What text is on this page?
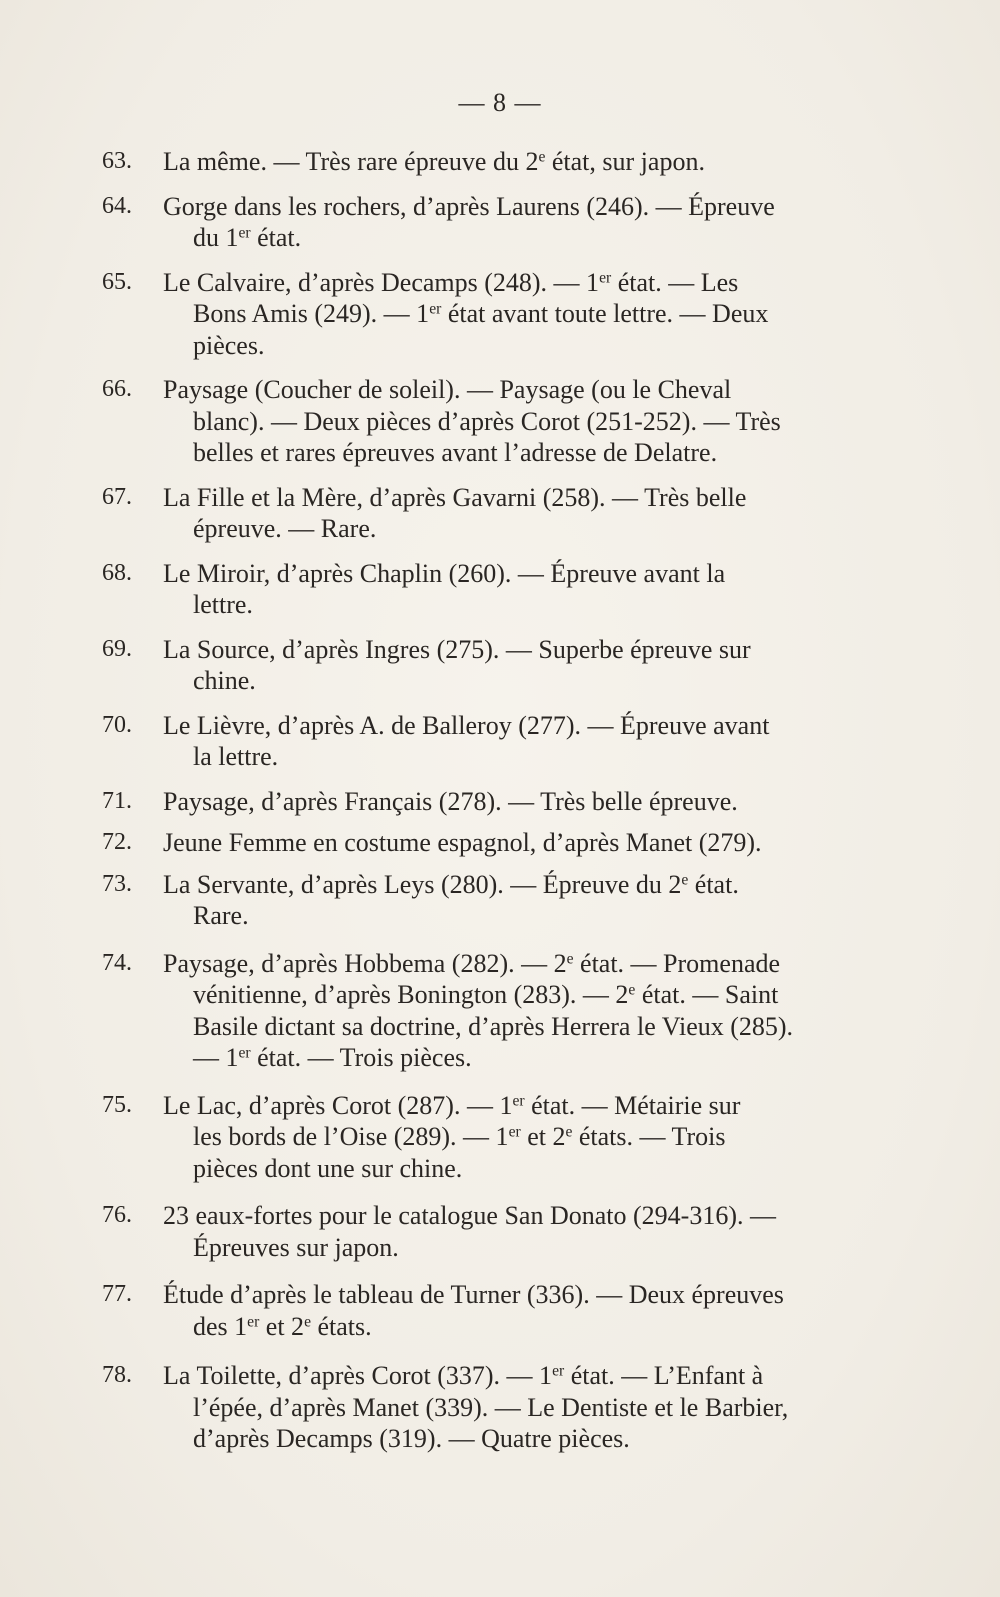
— 8 —
63. La même. — Très rare épreuve du 2e état, sur japon.
64. Gorge dans les rochers, d’après Laurens (246). — Épreuve
du 1er état.
65. Le Calvaire, d’après Decamps (248). — 1er état. — Les
Bons Amis (249). — 1er état avant toute lettre. — Deux
pièces.
66. Paysage (Coucher de soleil). — Paysage (ou le Cheval
blanc). — Deux pièces d’après Corot (251-252). — Très
belles et rares épreuves avant l’adresse de Delatre.
67. La Fille et la Mère, d’après Gavarni (258). — Très belle
épreuve. — Rare.
68. Le Miroir, d’après Chaplin (260). — Épreuve avant la
lettre.
69. La Source, d’après Ingres (275). — Superbe épreuve sur
chine.
70. Le Lièvre, d’après A. de Balleroy (277). — Épreuve avant
la lettre.
71. Paysage, d’après Français (278). — Très belle épreuve.
72. Jeune Femme en costume espagnol, d’après Manet (279).
73. La Servante, d’après Leys (280). — Épreuve du 2e état.
Rare.
74. Paysage, d’après Hobbema (282). — 2e état. — Promenade
vénitienne, d’après Bonington (283). — 2e état. — Saint
Basile dictant sa doctrine, d’après Herrera le Vieux (285).
— 1er état. — Trois pièces.
75. Le Lac, d’après Corot (287). — 1er état. — Métairie sur
les bords de l’Oise (289). — 1er et 2e états. — Trois
pièces dont une sur chine.
76. 23 eaux-fortes pour le catalogue San Donato (294-316). —
Épreuves sur japon.
77. Étude d’après le tableau de Turner (336). — Deux épreuves
des 1er et 2e états.
78. La Toilette, d’après Corot (337). — 1er état. — L’Enfant à
l’épée, d’après Manet (339). — Le Dentiste et le Barbier,
d’après Decamps (319). — Quatre pièces.
